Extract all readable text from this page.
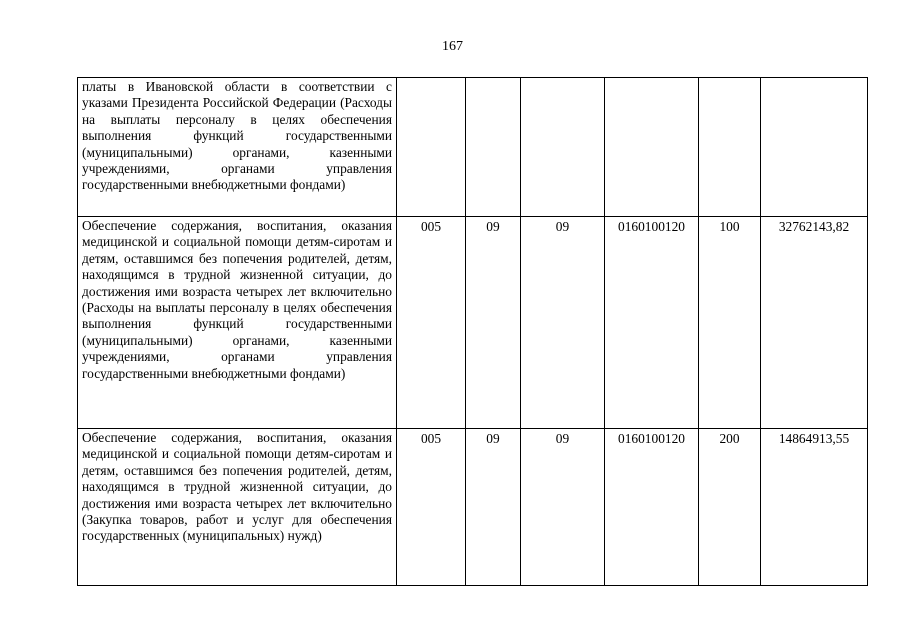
167
платы в Ивановской области в соответствии с указами Президента Российской Федерации (Расходы на выплаты персоналу в целях обеспечения выполнения функций государственными (муниципальными) органами, казенными учреждениями, органами управления государственными внебюджетными фондами)						
Обеспечение содержания, воспитания, оказания медицинской и социальной помощи детям-сиротам и детям, оставшимся без попечения родителей, детям, находящимся в трудной жизненной ситуации, до достижения ими возраста четырех лет включительно (Расходы на выплаты персоналу в целях обеспечения выполнения функций государственными (муниципальными) органами, казенными учреждениями, органами управления государственными внебюджетными фондами)	005	09	09	0160100120	100	32762143,82
Обеспечение содержания, воспитания, оказания медицинской и социальной помощи детям-сиротам и детям, оставшимся без попечения родителей, детям, находящимся в трудной жизненной ситуации, до достижения ими возраста четырех лет включительно (Закупка товаров, работ и услуг для обеспечения государственных (муниципальных) нужд)	005	09	09	0160100120	200	14864913,55
